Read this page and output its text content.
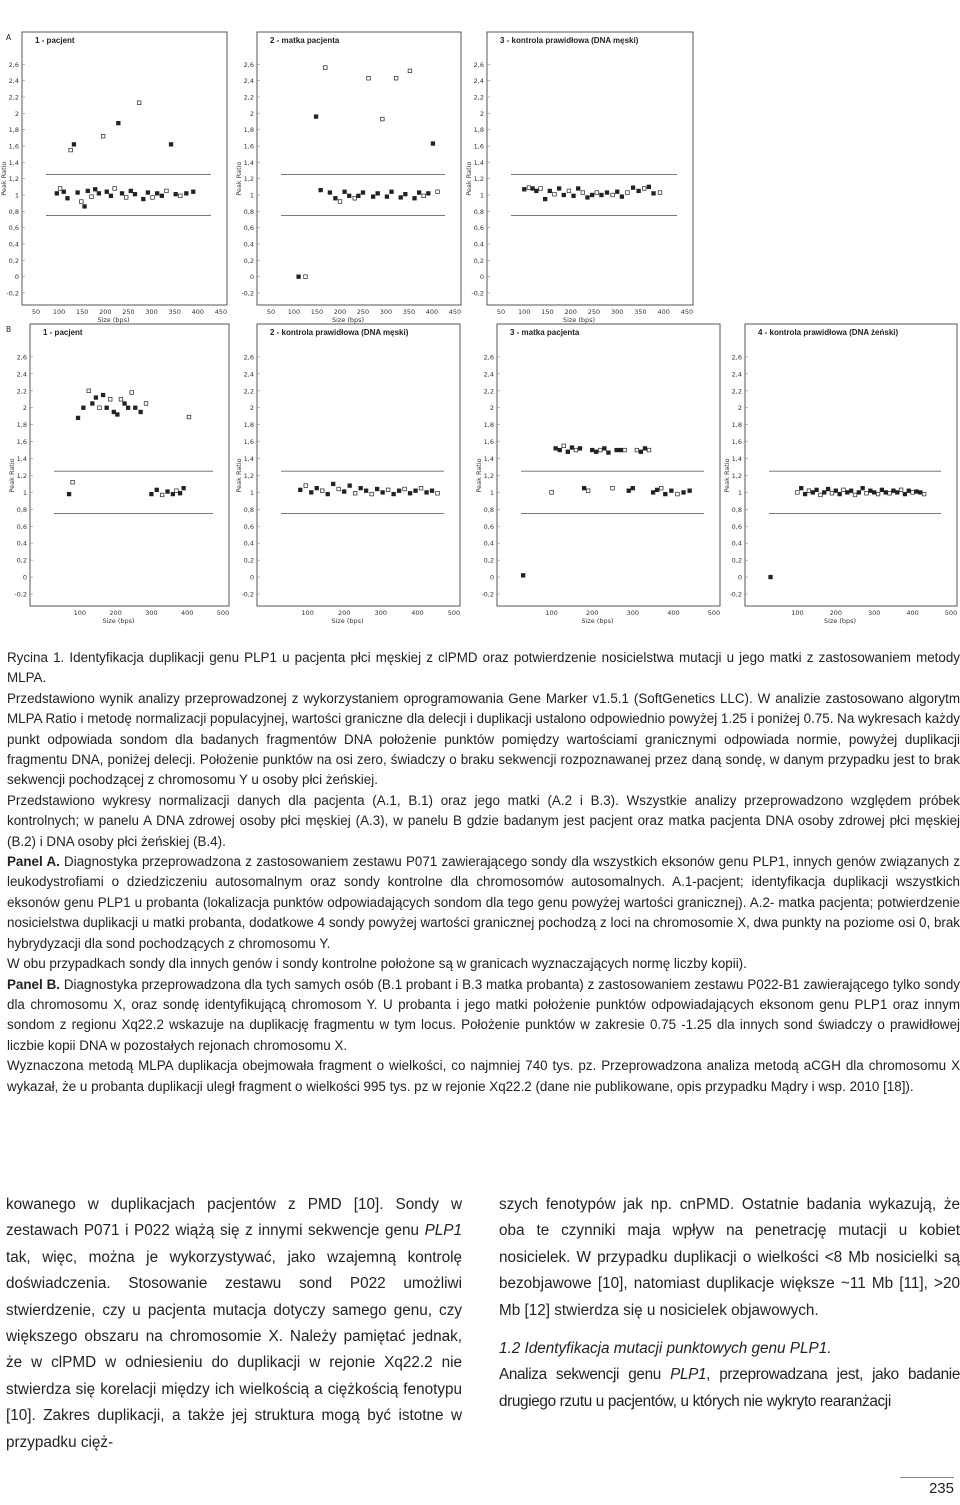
A
B
1 - pacjent
-0,2
0
0,2
0,4
0,6
0,8
1
1,2
1,4
1,6
1,8
2
2,2
2,4
2,6
50 100 150 200 250 300 350 400 450
Peak Ratio
Size (bps)
2 - matka pacjenta
-0,2
0
0,2
0,4
0,6
0,8
1
1,2
1,4
1,6
1,8
2
2,2
2,4
2,6
50 100 150 200 250 300 350 400 450
Peak Ratio
Size (bps)
3 - kontrola prawidłowa (DNA męski)
-0,2
0
0,2
0,4
0,6
0,8
1
1,2
1,4
1,6
1,8
2
2,2
2,4
2,6
50 100 150 200 250 300 350 400 450
Peak Ratio
Size (bps)
1 - pacjent
-0,2
0
0,2
0,4
0,6
0,8
1
1,2
1,4
1,6
1,8
2
2,2
2,4
2,6
100	200	300	400	500
Peak Ratio
Size (bps)
2 - kontrola prawidłowa (DNA męski)
-0,2
0
0,2
0,4
0,6
0,8
1
1,2
1,4
1,6
1,8
2
2,2
2,4
2,6
100	200	300	400	500
Peak Ratio
Size (bps)
3 - matka pacjenta
-0,2
0
0,2
0,4
0,6
0,8
1
1,2
1,4
1,6
1,8
2
2,2
2,4
2,6
100	200	300	400	500
Peak Ratio
Size (bps)
4 - kontrola prawidłowa (DNA żeński)
-0,2
0
0,2
0,4
0,6
0,8
1
1,2
1,4
1,6
1,8
2
2,2
2,4
2,6
100	200	300	400	500
Peak Ratio
Size (bps)

Rycina 1. Identyfikacja duplikacji genu PLP1 u pacjenta płci męskiej z clPMD oraz potwierdzenie nosicielstwa mutacji u jego matki z zastosowaniem metody MLPA.

Przedstawiono wynik analizy przeprowadzonej z wykorzystaniem oprogramowania Gene Marker v1.5.1 (SoftGenetics LLC). W analizie zastosowano algorytm MLPA Ratio i metodę normalizacji populacyjnej, wartości graniczne dla delecji i duplikacji ustalono odpowiednio powyżej 1.25 i poniżej 0.75. Na wykresach każdy punkt odpowiada sondom dla badanych fragmentów DNA położenie punktów pomiędzy wartościami granicznymi odpowiada normie, powyżej duplikacji fragmentu DNA, poniżej delecji. Położenie punktów na osi zero, świadczy o braku sekwencji rozpoznawanej przez daną sondę, w danym przypadku jest to brak sekwencji pochodzącej z chromosomu Y u osoby płci żeńskiej.

Przedstawiono wykresy normalizacji danych dla pacjenta (A.1, B.1) oraz jego matki (A.2 i B.3). Wszystkie analizy przeprowadzono względem próbek kontrolnych; w panelu A DNA zdrowej osoby płci męskiej (A.3), w panelu B gdzie badanym jest pacjent oraz matka pacjenta DNA osoby zdrowej płci męskiej (B.2) i DNA osoby płci żeńskiej (B.4).

Panel A. Diagnostyka przeprowadzona z zastosowaniem zestawu P071 zawierającego sondy dla wszystkich eksonów genu PLP1, innych genów związanych z leukodystrofiami o dziedziczeniu autosomalnym oraz sondy kontrolne dla chromosomów autosomalnych. A.1-pacjent; identyfikacja duplikacji wszystkich eksonów genu PLP1 u probanta (lokalizacja punktów odpowiadających sondom dla tego genu powyżej wartości granicznej). A.2- matka pacjenta; potwierdzenie nosicielstwa duplikacji u matki probanta, dodatkowe 4 sondy powyżej wartości granicznej pochodzą z loci na chromosomie X, dwa punkty na poziome osi 0, brak hybrydyzacji dla sond pochodzących z chromosomu Y.

W obu przypadkach sondy dla innych genów i sondy kontrolne położone są w granicach wyznaczających normę liczby kopii).

Panel B. Diagnostyka przeprowadzona dla tych samych osób (B.1 probant i B.3 matka probanta) z zastosowaniem zestawu P022-B1 zawierającego tylko sondy dla chromosomu X, oraz sondę identyfikującą chromosom Y. U probanta i jego matki położenie punktów odpowiadających eksonom genu PLP1 oraz innym sondom z regionu Xq22.2 wskazuje na duplikację fragmentu w tym locus. Położenie punktów w zakresie 0.75 -1.25 dla innych sond świadczy o prawidłowej liczbie kopii DNA w pozostałych rejonach chromosomu X.

Wyznaczona metodą MLPA duplikacja obejmowała fragment o wielkości, co najmniej 740 tys. pz. Przeprowadzona analiza metodą aCGH dla chromosomu X wykazał, że u probanta duplikacji uległ fragment o wielkości 995 tys. pz w rejonie Xq22.2 (dane nie publikowane, opis przypadku Mądry i wsp. 2010 [18]).

kowanego w duplikacjach pacjentów z PMD [10]. Sondy w zestawach P071 i P022 wiążą się z innymi sekwencje genu PLP1 tak, więc, można je wykorzystywać, jako wzajemną kontrolę doświadczenia. Stosowanie zestawu sond P022 umożliwi stwierdzenie, czy u pacjenta mutacja dotyczy samego genu, czy większego obszaru na chromosomie X. Należy pamiętać jednak, że w clPMD w odniesieniu do duplikacji w rejonie Xq22.2 nie stwierdza się korelacji między ich wielkością a ciężkością fenotypu [10]. Zakres duplikacji, a także jej struktura mogą być istotne w przypadku cięż-

szych fenotypów jak np. cnPMD. Ostatnie badania wykazują, że oba te czynniki maja wpływ na penetrację mutacji u kobiet nosicielek. W przypadku duplikacji o wielkości <8 Mb nosicielki są bezobjawowe [10], natomiast duplikacje większe ~11 Mb [11], >20 Mb [12] stwierdza się u nosicielek objawowych.

1.2 Identyfikacja mutacji punktowych genu PLP1.

Analiza sekwencji genu PLP1, przeprowadzana jest, jako badanie drugiego rzutu u pacjentów, u których nie wykryto rearanżacji

235
